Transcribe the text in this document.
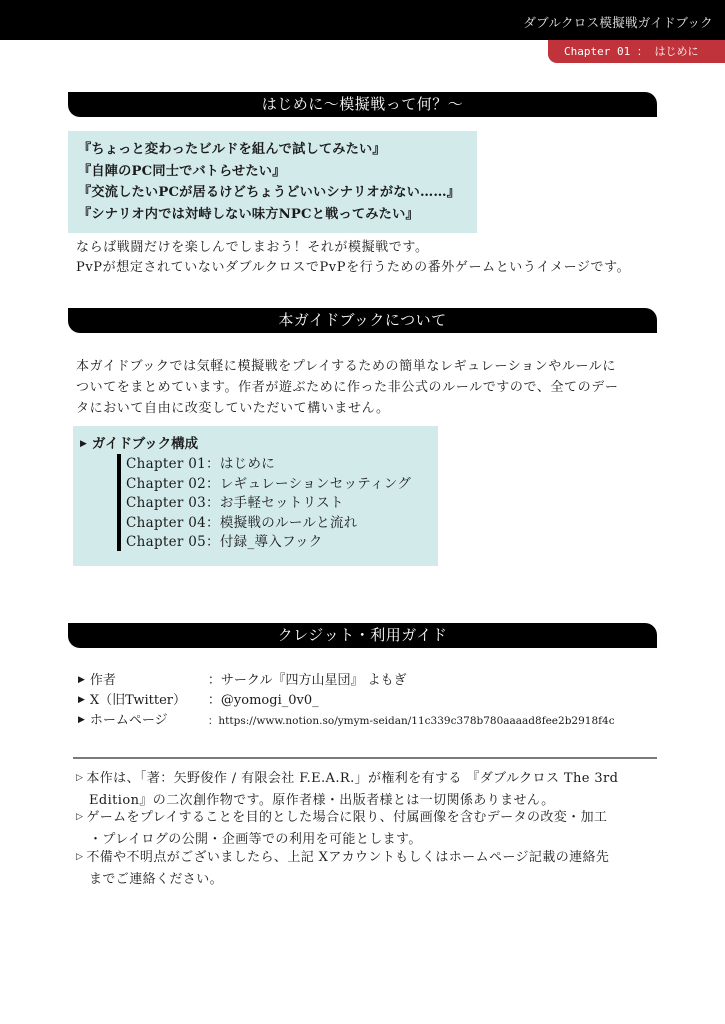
ダブルクロス模擬戦ガイドブック
Chapter 01 ： はじめに
はじめに～模擬戦って何？～
『ちょっと変わったビルドを組んで試してみたい』
『自陣のPC同士でバトらせたい』
『交流したいPCが居るけどちょうどいいシナリオがない……』
『シナリオ内では対峙しない味方NPCと戦ってみたい』
ならば戦闘だけを楽しんでしまおう！それが模擬戦です。
PvPが想定されていないダブルクロスでPvPを行うための番外ゲームというイメージです。
本ガイドブックについて
本ガイドブックでは気軽に模擬戦をプレイするための簡単なレギュレーションやルールに
ついてをまとめています。作者が遊ぶために作った非公式のルールですので、全てのデー
タにおいて自由に改変していただいて構いません。
▶ ガイドブック構成
Chapter 01：はじめに
Chapter 02：レギュレーションセッティング
Chapter 03：お手軽セットリスト
Chapter 04：模擬戦のルールと流れ
Chapter 05：付録_導入フック
クレジット・利用ガイド
▶ 作者	：サークル『四方山星団』 よもぎ
▶ X（旧Twitter） ：@yomogi_0v0_
▶ ホームページ	：https://www.notion.so/ymym-seidan/11c339c378b780aaaad8fee2b2918f4c
▷ 本作は、「著：矢野俊作 / 有限会社 F.E.A.R.」が権利を有する 『ダブルクロス The 3rd
Edition』の二次創作物です。原作者様・出版者様とは一切関係ありません。
▷ ゲームをプレイすることを目的とした場合に限り、付属画像を含むデータの改変・加工
・プレイログの公開・企画等での利用を可能とします。
▷ 不備や不明点がございましたら、上記 Xアカウントもしくはホームページ記載の連絡先
までご連絡ください。
